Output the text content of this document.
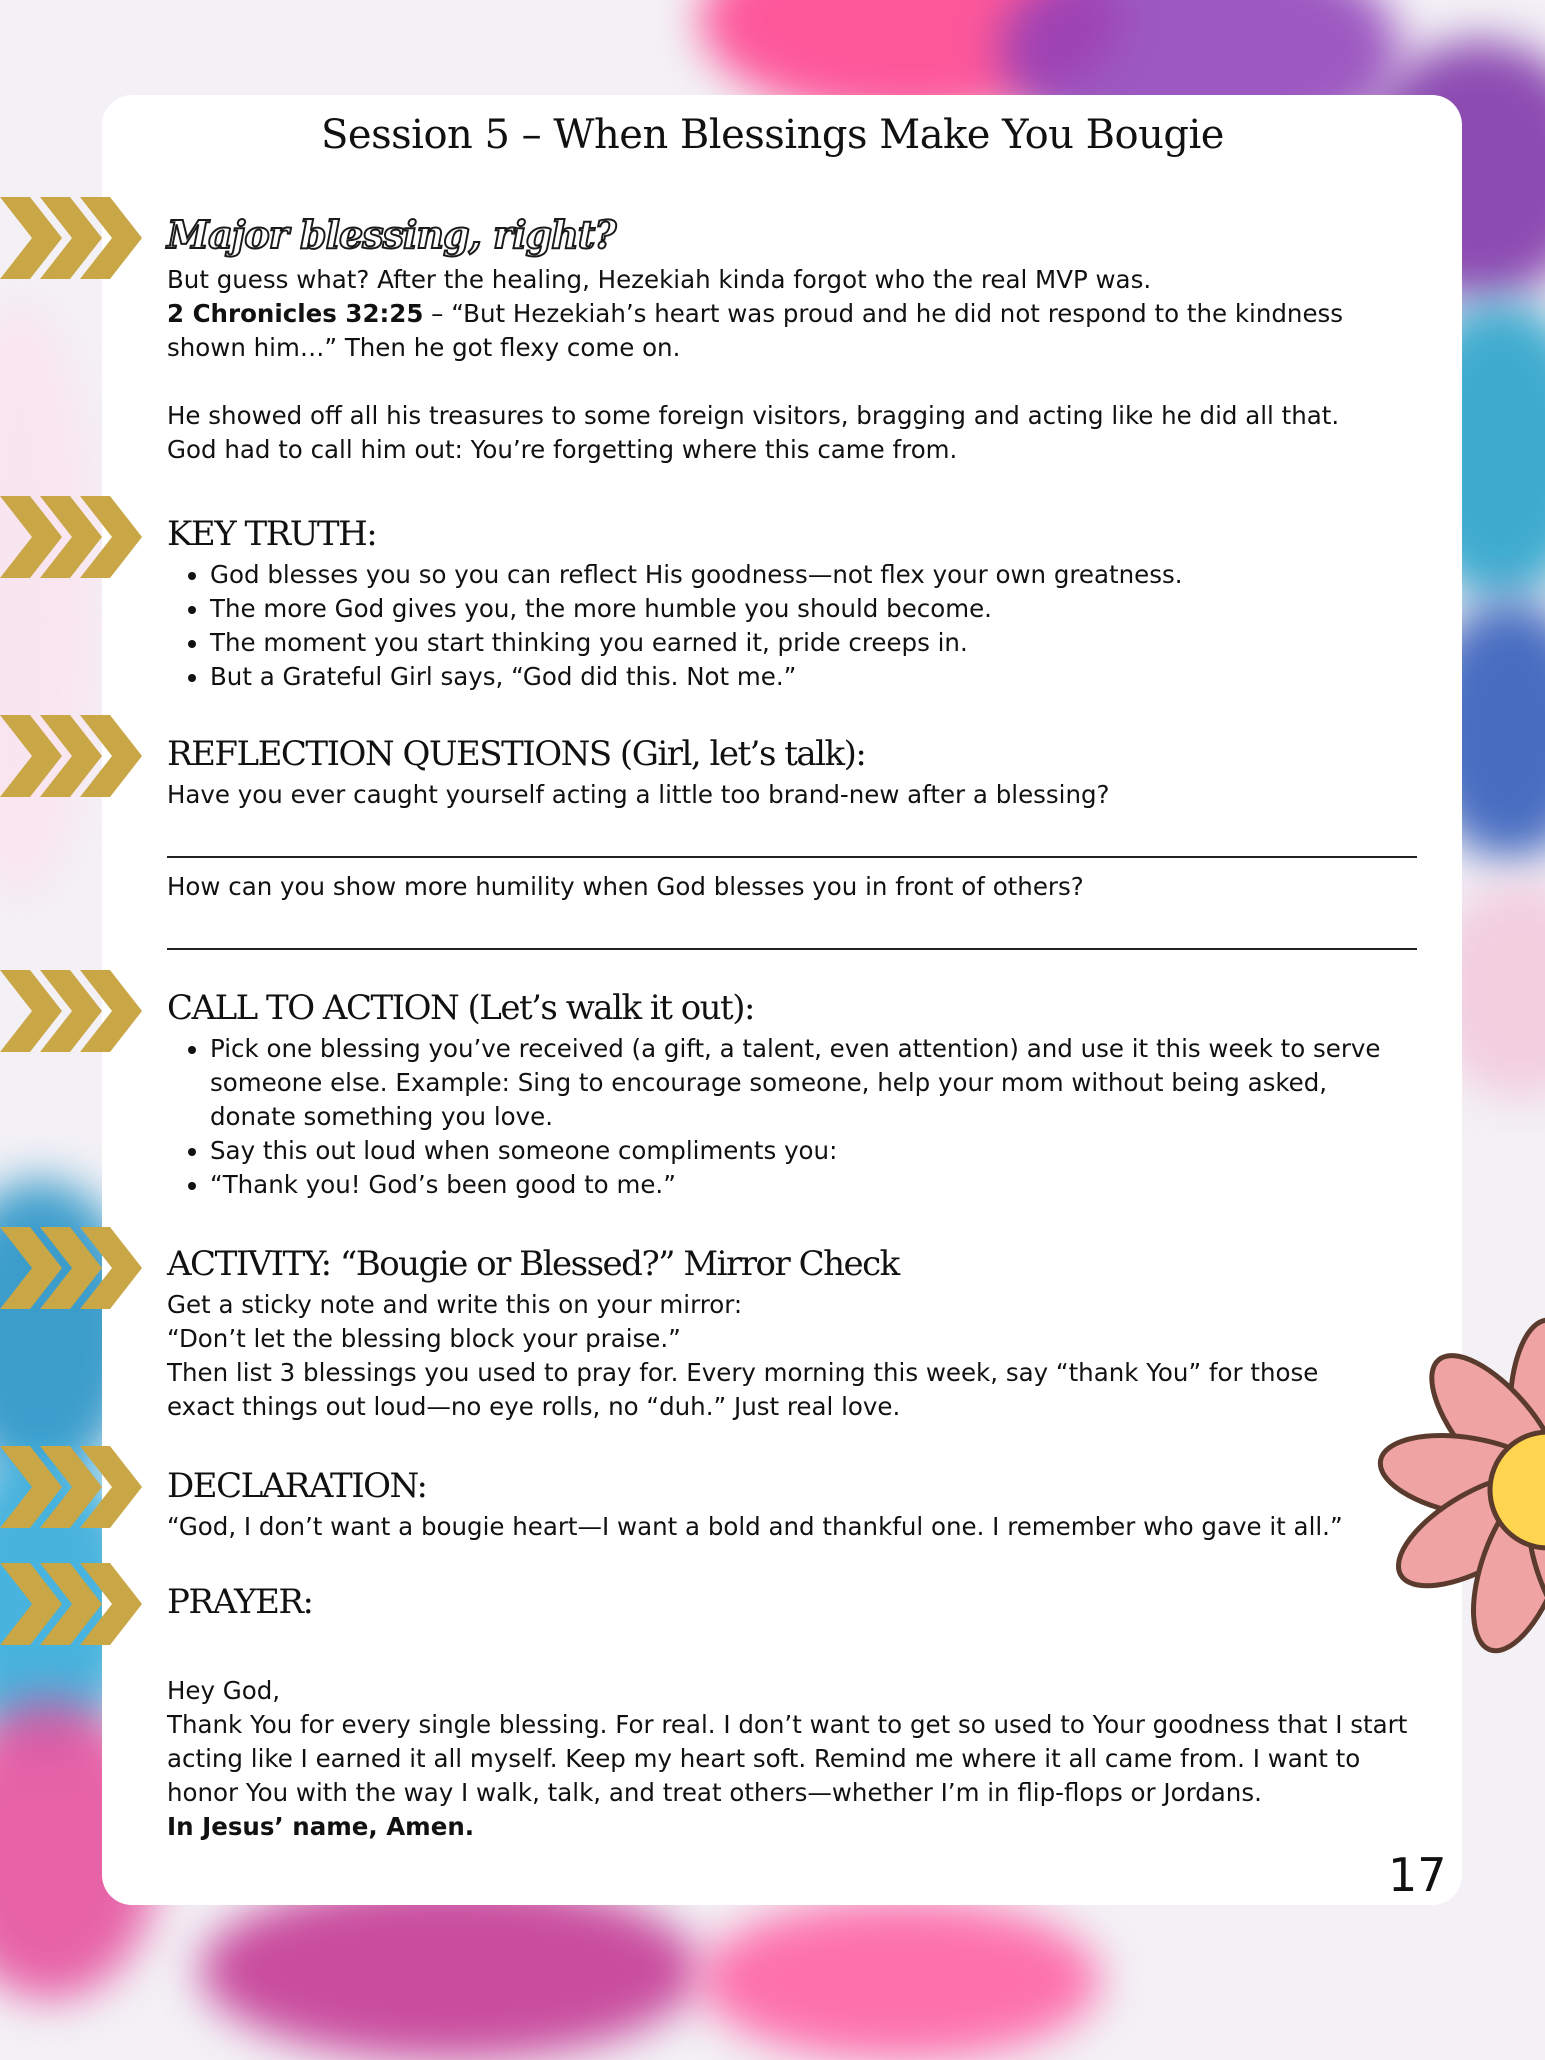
Session 5 – When Blessings Make You Bougie
Major blessing, right?

But guess what? After the healing, Hezekiah kinda forgot who the real MVP was.

2 Chronicles 32:25 – “But Hezekiah’s heart was proud and he did not respond to the kindness shown him…” Then he got flexy come on.

He showed off all his treasures to some foreign visitors, bragging and acting like he did all that.

God had to call him out: You’re forgetting where this came from.

KEY TRUTH:
• God blesses you so you can reflect His goodness—not flex your own greatness.
• The more God gives you, the more humble you should become.
• The moment you start thinking you earned it, pride creeps in.
• But a Grateful Girl says, “God did this. Not me.”
REFLECTION QUESTIONS (Girl, let’s talk):

Have you ever caught yourself acting a little too brand-new after a blessing?

How can you show more humility when God blesses you in front of others?

CALL TO ACTION (Let’s walk it out):
• Pick one blessing you’ve received (a gift, a talent, even attention) and use it this week to serve someone else. Example: Sing to encourage someone, help your mom without being asked, donate something you love.
• Say this out loud when someone compliments you:
• “Thank you! God’s been good to me.”
ACTIVITY: “Bougie or Blessed?” Mirror Check

Get a sticky note and write this on your mirror:

“Don’t let the blessing block your praise.”

Then list 3 blessings you used to pray for. Every morning this week, say “thank You” for those exact things out loud—no eye rolls, no “duh.” Just real love.

DECLARATION:

“God, I don’t want a bougie heart—I want a bold and thankful one. I remember who gave it all.”

PRAYER:

Hey God,

Thank You for every single blessing. For real. I don’t want to get so used to Your goodness that I start acting like I earned it all myself. Keep my heart soft. Remind me where it all came from. I want to honor You with the way I walk, talk, and treat others—whether I’m in flip-flops or Jordans.

In Jesus’ name, Amen.

17
